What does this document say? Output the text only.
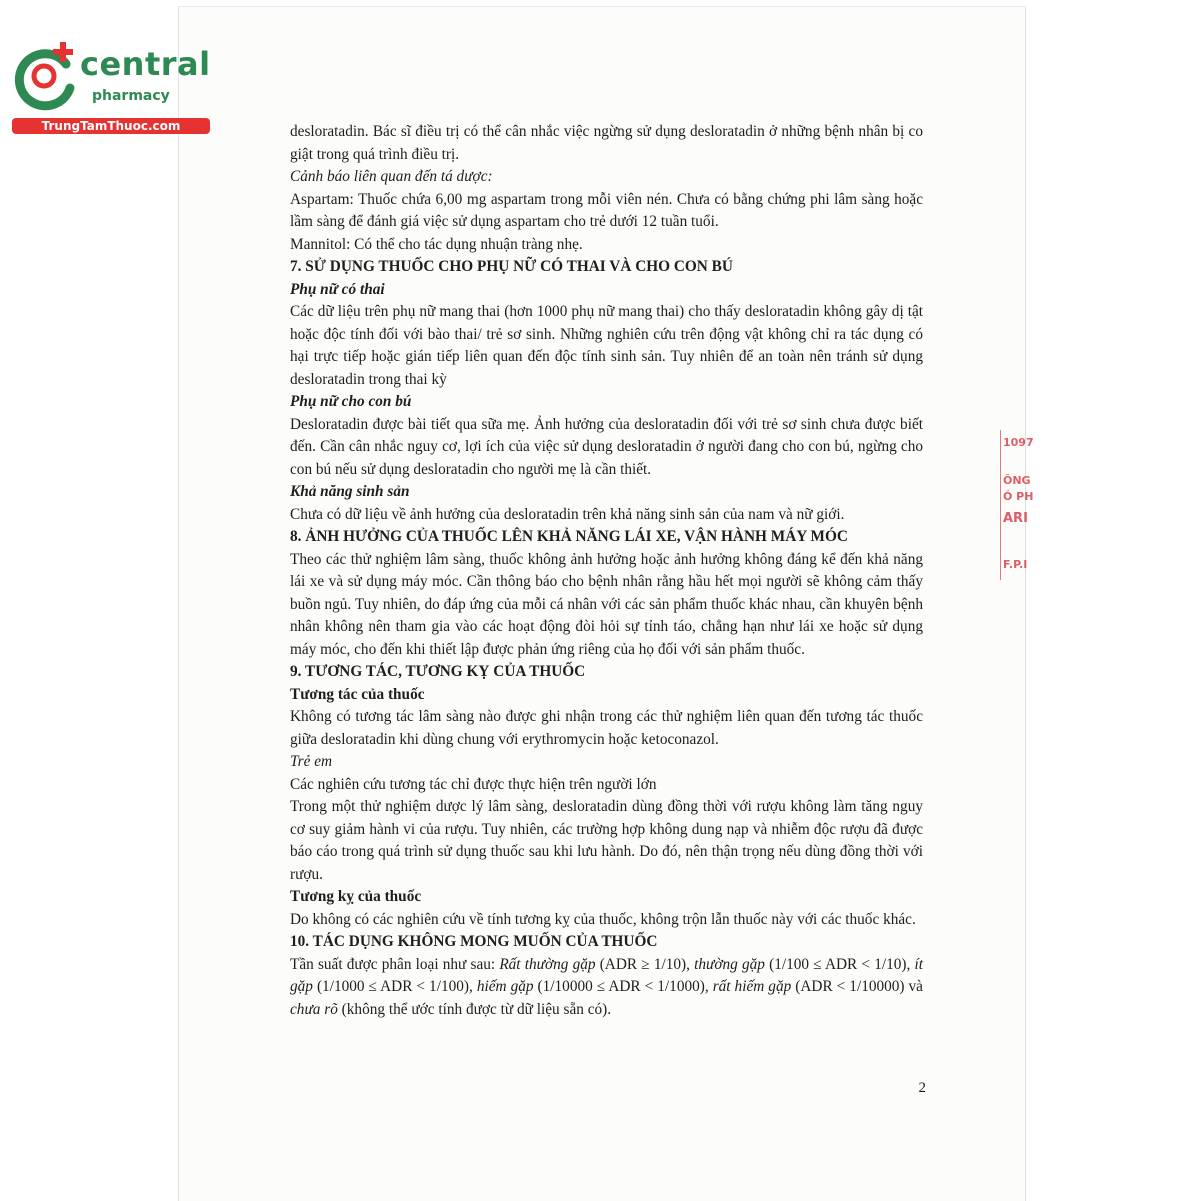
central
pharmacy
TrungTamThuoc.com
1097
ÔNG
Ó PH
ARI
F.P.I

desloratadin. Bác sĩ điều trị có thể cân nhắc việc ngừng sử dụng desloratadin ở những bệnh nhân bị co giật trong quá trình điều trị.

Cảnh báo liên quan đến tá dược:

Aspartam: Thuốc chứa 6,00 mg aspartam trong mỗi viên nén. Chưa có bằng chứng phi lâm sàng hoặc lầm sàng để đánh giá việc sử dụng aspartam cho trẻ dưới 12 tuần tuổi.

Mannitol: Có thể cho tác dụng nhuận tràng nhẹ.

7. SỬ DỤNG THUỐC CHO PHỤ NỮ CÓ THAI VÀ CHO CON BÚ
Phụ nữ có thai

Các dữ liệu trên phụ nữ mang thai (hơn 1000 phụ nữ mang thai) cho thấy desloratadin không gây dị tật hoặc độc tính đối với bào thai/ trẻ sơ sinh. Những nghiên cứu trên động vật không chỉ ra tác dụng có hại trực tiếp hoặc gián tiếp liên quan đến độc tính sinh sản. Tuy nhiên để an toàn nên tránh sử dụng desloratadin trong thai kỳ

Phụ nữ cho con bú

Desloratadin được bài tiết qua sữa mẹ. Ảnh hưởng của desloratadin đối với trẻ sơ sinh chưa được biết đến. Cần cân nhắc nguy cơ, lợi ích của việc sử dụng desloratadin ở người đang cho con bú, ngừng cho con bú nếu sử dụng desloratadin cho người mẹ là cần thiết.

Khả năng sinh sản

Chưa có dữ liệu về ảnh hưởng của desloratadin trên khả năng sinh sản của nam và nữ giới.

8. ẢNH HƯỞNG CỦA THUỐC LÊN KHẢ NĂNG LÁI XE, VẬN HÀNH MÁY MÓC

Theo các thử nghiệm lâm sàng, thuốc không ảnh hưởng hoặc ảnh hưởng không đáng kể đến khả năng lái xe và sử dụng máy móc. Cần thông báo cho bệnh nhân rằng hầu hết mọi người sẽ không cảm thấy buồn ngủ. Tuy nhiên, do đáp ứng của mỗi cá nhân với các sản phẩm thuốc khác nhau, cần khuyên bệnh nhân không nên tham gia vào các hoạt động đòi hỏi sự tỉnh táo, chẳng hạn như lái xe hoặc sử dụng máy móc, cho đến khi thiết lập được phản ứng riêng của họ đối với sản phẩm thuốc.

9. TƯƠNG TÁC, TƯƠNG KỴ CỦA THUỐC
Tương tác của thuốc

Không có tương tác lâm sàng nào được ghi nhận trong các thử nghiệm liên quan đến tương tác thuốc giữa desloratadin khi dùng chung với erythromycin hoặc ketoconazol.

Trẻ em

Các nghiên cứu tương tác chỉ được thực hiện trên người lớn

Trong một thử nghiệm dược lý lâm sàng, desloratadin dùng đồng thời với rượu không làm tăng nguy cơ suy giảm hành vi của rượu. Tuy nhiên, các trường hợp không dung nạp và nhiễm độc rượu đã được báo cáo trong quá trình sử dụng thuốc sau khi lưu hành. Do đó, nên thận trọng nếu dùng đồng thời với rượu.

Tương kỵ của thuốc

Do không có các nghiên cứu về tính tương kỵ của thuốc, không trộn lẫn thuốc này với các thuốc khác.

10. TÁC DỤNG KHÔNG MONG MUỐN CỦA THUỐC

Tần suất được phân loại như sau: Rất thường gặp (ADR ≥ 1/10), thường gặp (1/100 ≤ ADR < 1/10), ít gặp (1/1000 ≤ ADR < 1/100), hiếm gặp (1/10000 ≤ ADR < 1/1000), rất hiếm gặp (ADR < 1/10000) và chưa rõ (không thể ước tính được từ dữ liệu sẵn có).

2
